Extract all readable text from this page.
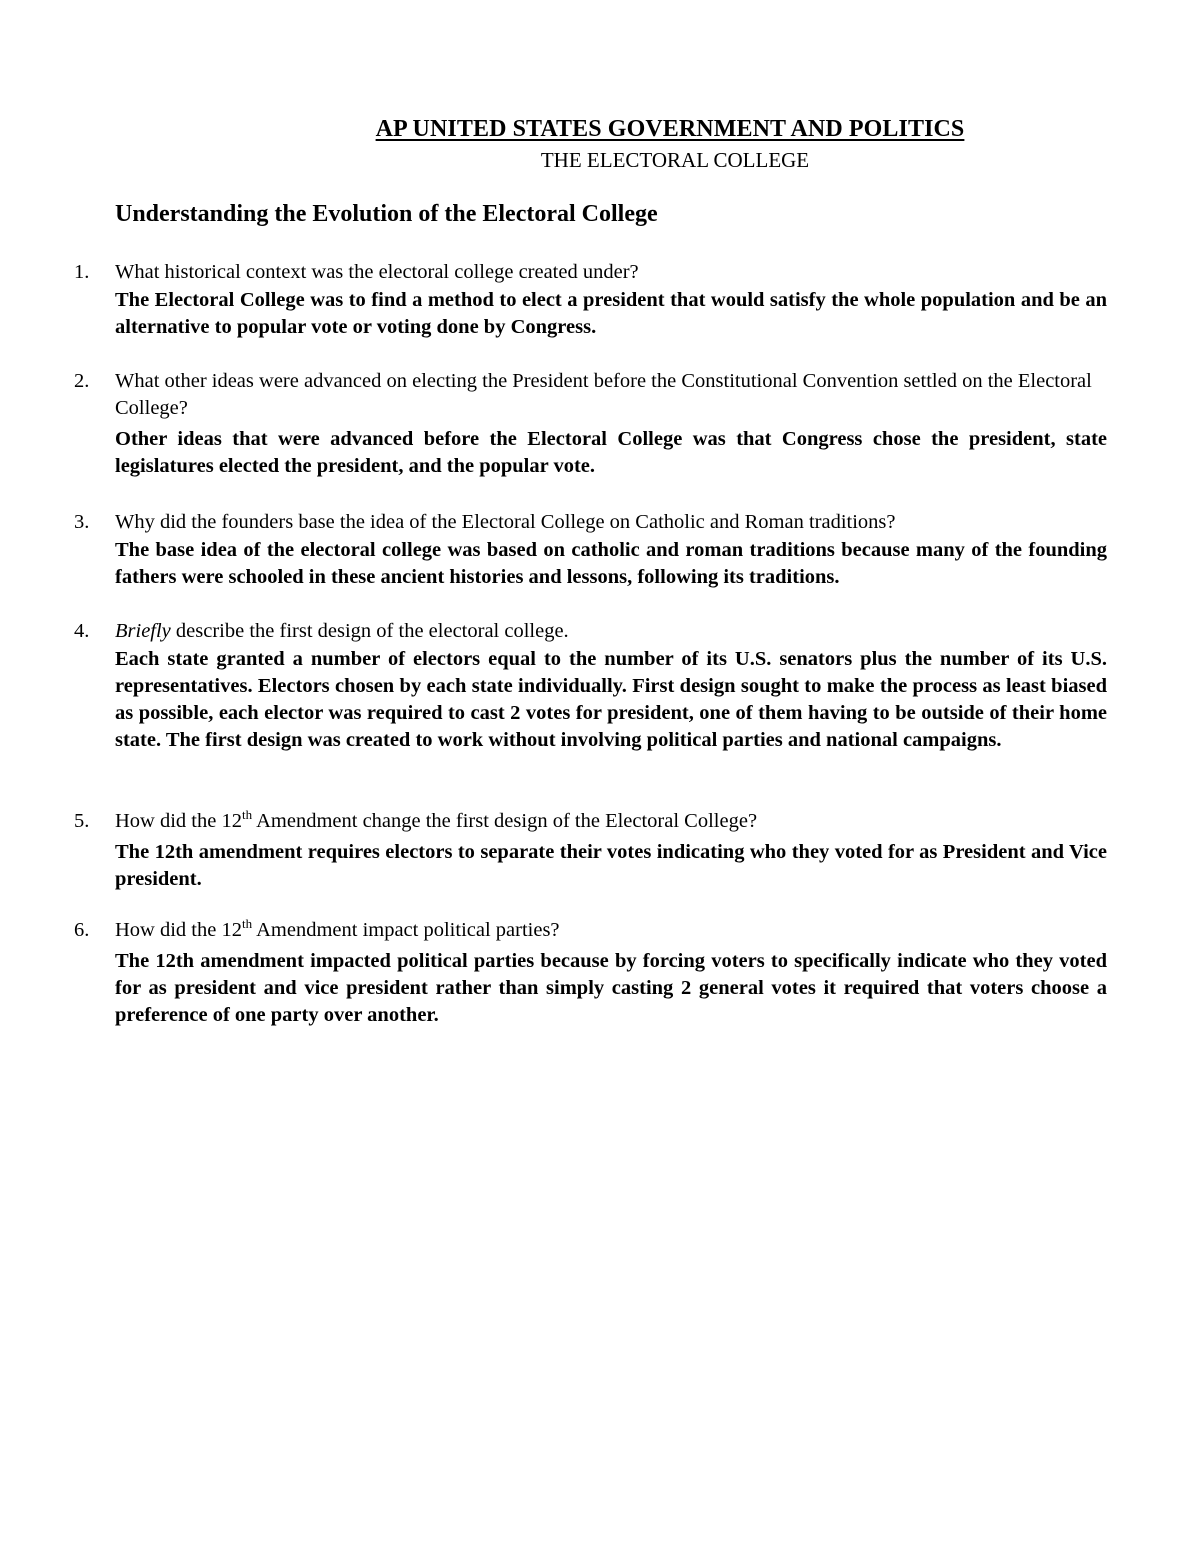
AP UNITED STATES GOVERNMENT AND POLITICS
THE ELECTORAL COLLEGE
Understanding the Evolution of the Electoral College
1. What historical context was the electoral college created under?
The Electoral College was to find a method to elect a president that would satisfy the whole population and be an alternative to popular vote or voting done by Congress.
2. What other ideas were advanced on electing the President before the Constitutional Convention settled on the Electoral College?
Other ideas that were advanced before the Electoral College was that Congress chose the president, state legislatures elected the president, and the popular vote.
3. Why did the founders base the idea of the Electoral College on Catholic and Roman traditions?
The base idea of the electoral college was based on catholic and roman traditions because many of the founding fathers were schooled in these ancient histories and lessons, following its traditions.
4. Briefly describe the first design of the electoral college.
Each state granted a number of electors equal to the number of its U.S. senators plus the number of its U.S. representatives. Electors chosen by each state individually. First design sought to make the process as least biased as possible, each elector was required to cast 2 votes for president, one of them having to be outside of their home state. The first design was created to work without involving political parties and national campaigns.
5. How did the 12th Amendment change the first design of the Electoral College?
The 12th amendment requires electors to separate their votes indicating who they voted for as President and Vice president.
6. How did the 12th Amendment impact political parties?
The 12th amendment impacted political parties because by forcing voters to specifically indicate who they voted for as president and vice president rather than simply casting 2 general votes it required that voters choose a preference of one party over another.
